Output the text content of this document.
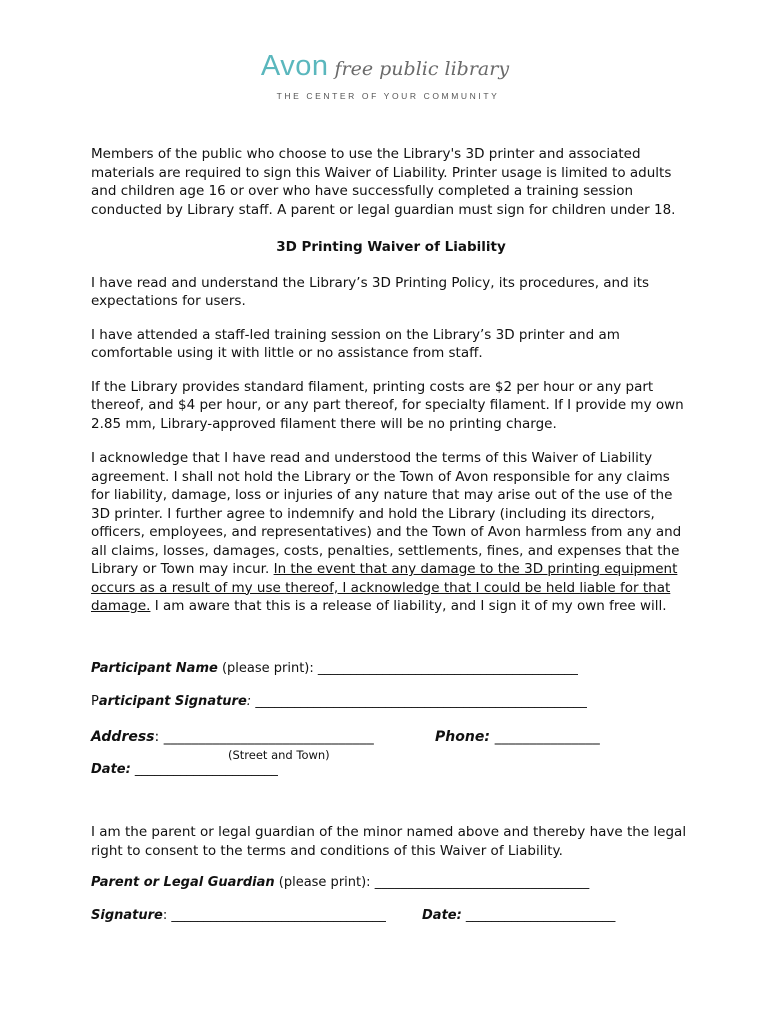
Avon free public library
THE CENTER OF YOUR COMMUNITY

Members of the public who choose to use the Library's 3D printer and associated materials are required to sign this Waiver of Liability. Printer usage is limited to adults and children age 16 or over who have successfully completed a training session conducted by Library staff. A parent or legal guardian must sign for children under 18.

3D Printing Waiver of Liability

I have read and understand the Library’s 3D Printing Policy, its procedures, and its expectations for users.

I have attended a staff-led training session on the Library’s 3D printer and am comfortable using it with little or no assistance from staff.

If the Library provides standard filament, printing costs are $2 per hour or any part thereof, and $4 per hour, or any part thereof, for specialty filament. If I provide my own 2.85 mm, Library-approved filament there will be no printing charge.

I acknowledge that I have read and understood the terms of this Waiver of Liability agreement. I shall not hold the Library or the Town of Avon responsible for any claims for liability, damage, loss or injuries of any nature that may arise out of the use of the 3D printer. I further agree to indemnify and hold the Library (including its directors, officers, employees, and representatives) and the Town of Avon harmless from any and all claims, losses, damages, costs, penalties, settlements, fines, and expenses that the Library or Town may incur. In the event that any damage to the 3D printing equipment occurs as a result of my use thereof, I acknowledge that I could be held liable for that damage. I am aware that this is a release of liability, and I sign it of my own free will.

Participant Name (please print): ________________________________________
Participant Signature: ___________________________________________________
Address: ______________________________	Phone: _______________
(Street and Town)
Date: ______________________

I am the parent or legal guardian of the minor named above and thereby have the legal right to consent to the terms and conditions of this Waiver of Liability.

Parent or Legal Guardian (please print): _________________________________
Signature: _________________________________	Date: _______________________
